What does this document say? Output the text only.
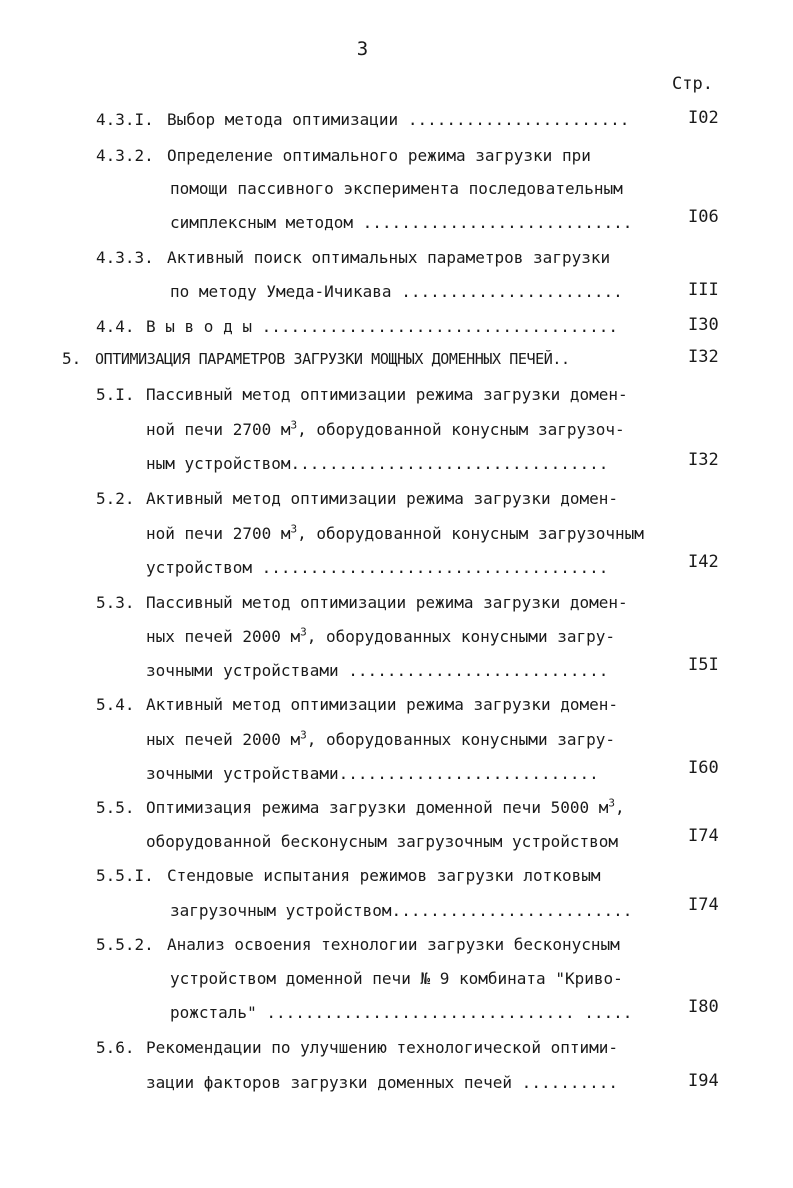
3
Стр.
4.3.I. Выбор метода оптимизации .......................	I02
4.3.2. Определение оптимального режима загрузки при
помощи пассивного эксперимента последовательным
симплексным методом ............................	I06
4.3.3. Активный поиск оптимальных параметров загрузки
по методу Умеда-Ичикава .......................	III
4.4. В ы в о д ы .....................................	I30
5. ОПТИМИЗАЦИЯ ПАРАМЕТРОВ ЗАГРУЗКИ МОЩНЫХ ДОМЕННЫХ ПЕЧЕЙ..	I32
5.I. Пассивный метод оптимизации режима загрузки домен-
ной печи 2700 $м^3$, оборудованной конусным загрузоч-
ным устройством.................................	I32
5.2. Активный метод оптимизации режима загрузки домен-
ной печи 2700 $м^3$, оборудованной конусным загрузочным
устройством ....................................	I42
5.3. Пассивный метод оптимизации режима загрузки домен-
ных печей 2000 $м^3$, оборудованных конусными загру-
зочными устройствами ...........................	I5I
5.4. Активный метод оптимизации режима загрузки домен-
ных печей 2000 $м^3$, оборудованных конусными загру-
зочными устройствами...........................	I60
5.5. Оптимизация режима загрузки доменной печи 5000 $м^3$,
оборудованной бесконусным загрузочным устройством	I74
5.5.I. Стендовые испытания режимов загрузки лотковым
загрузочным устройством.........................	I74
5.5.2. Анализ освоения технологии загрузки бесконусным
устройством доменной печи № 9 комбината "Криво-
рожсталь" ................................ .....	I80
5.6. Рекомендации по улучшению технологической оптими-
зации факторов загрузки доменных печей ..........	I94
